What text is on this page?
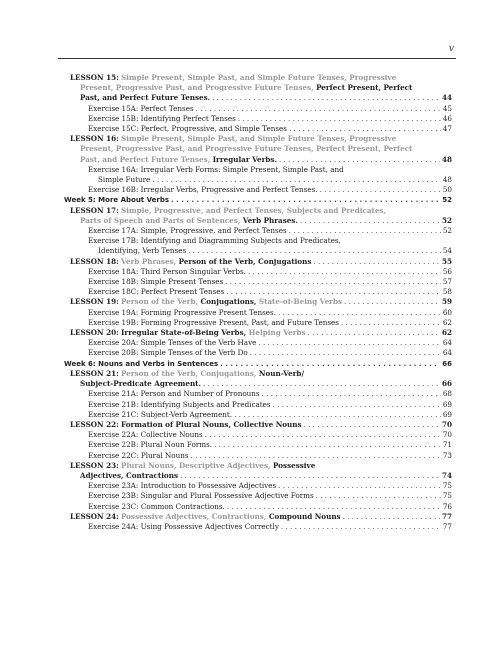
v
LESSON 15: Simple Present, Simple Past, and Simple Future Tenses, Progressive
Present, Progressive Past, and Progressive Future Tenses, Perfect Present, Perfect
Past, and Perfect Future Tenses. . . .	44
Exercise 15A: Perfect Tenses . . .	45
Exercise 15B: Identifying Perfect Tenses . . .	46
Exercise 15C: Perfect, Progressive, and Simple Tenses . . .	47
LESSON 16: Simple Present, Simple Past, and Simple Future Tenses, Progressive
Present, Progressive Past, and Progressive Future Tenses, Perfect Present, Perfect
Past, and Perfect Future Tenses, Irregular Verbs. . . .	48
Exercise 16A: Irregular Verb Forms: Simple Present, Simple Past, and
Simple Future . . .	48
Exercise 16B: Irregular Verbs, Progressive and Perfect Tenses. . . .	50
Week 5: More About Verbs . . .	52
LESSON 17: Simple, Progressive, and Perfect Tenses, Subjects and Predicates,
Parts of Speech and Parts of Sentences, Verb Phrases. . . .	52
Exercise 17A: Simple, Progressive, and Perfect Tenses . . .	52
Exercise 17B: Identifying and Diagramming Subjects and Predicates,
Identifying, Verb Tenses . . .	54
LESSON 18: Verb Phrases, Person of the Verb, Conjugations . . .	55
Exercise 18A: Third Person Singular Verbs. . . .	56
Exercise 18B: Simple Present Tenses . . .	57
Exercise 18C: Perfect Present Tenses . . .	58
LESSON 19: Person of the Verb, Conjugations, State-of-Being Verbs . . .	59
Exercise 19A: Forming Progressive Present Tenses. . . .	60
Exercise 19B: Forming Progressive Present, Past, and Future Tenses . . .	62
LESSON 20: Irregular State-of-Being Verbs, Helping Verbs . . .	62
Exercise 20A: Simple Tenses of the Verb Have . . .	64
Exercise 20B: Simple Tenses of the Verb Do . . .	64
Week 6: Nouns and Verbs in Sentences . . .	66
LESSON 21: Person of the Verb, Conjugations, Noun-Verb/
Subject-Predicate Agreement. . . .	66
Exercise 21A: Person and Number of Pronouns . . .	68
Exercise 21B: Identifying Subjects and Predicates . . .	69
Exercise 21C: Subject-Verb Agreement. . . .	69
LESSON 22: Formation of Plural Nouns, Collective Nouns . . .	70
Exercise 22A: Collective Nouns . . .	70
Exercise 22B: Plural Noun Forms. . . .	71
Exercise 22C: Plural Nouns . . .	73
LESSON 23: Plural Nouns, Descriptive Adjectives, Possessive
Adjectives, Contractions . . .	74
Exercise 23A: Introduction to Possessive Adjectives . . .	75
Exercise 23B: Singular and Plural Possessive Adjective Forms . . .	75
Exercise 23C: Common Contractions. . . .	76
LESSON 24: Possessive Adjectives, Contractions, Compound Nouns . . .	77
Exercise 24A: Using Possessive Adjectives Correctly . . .	77
